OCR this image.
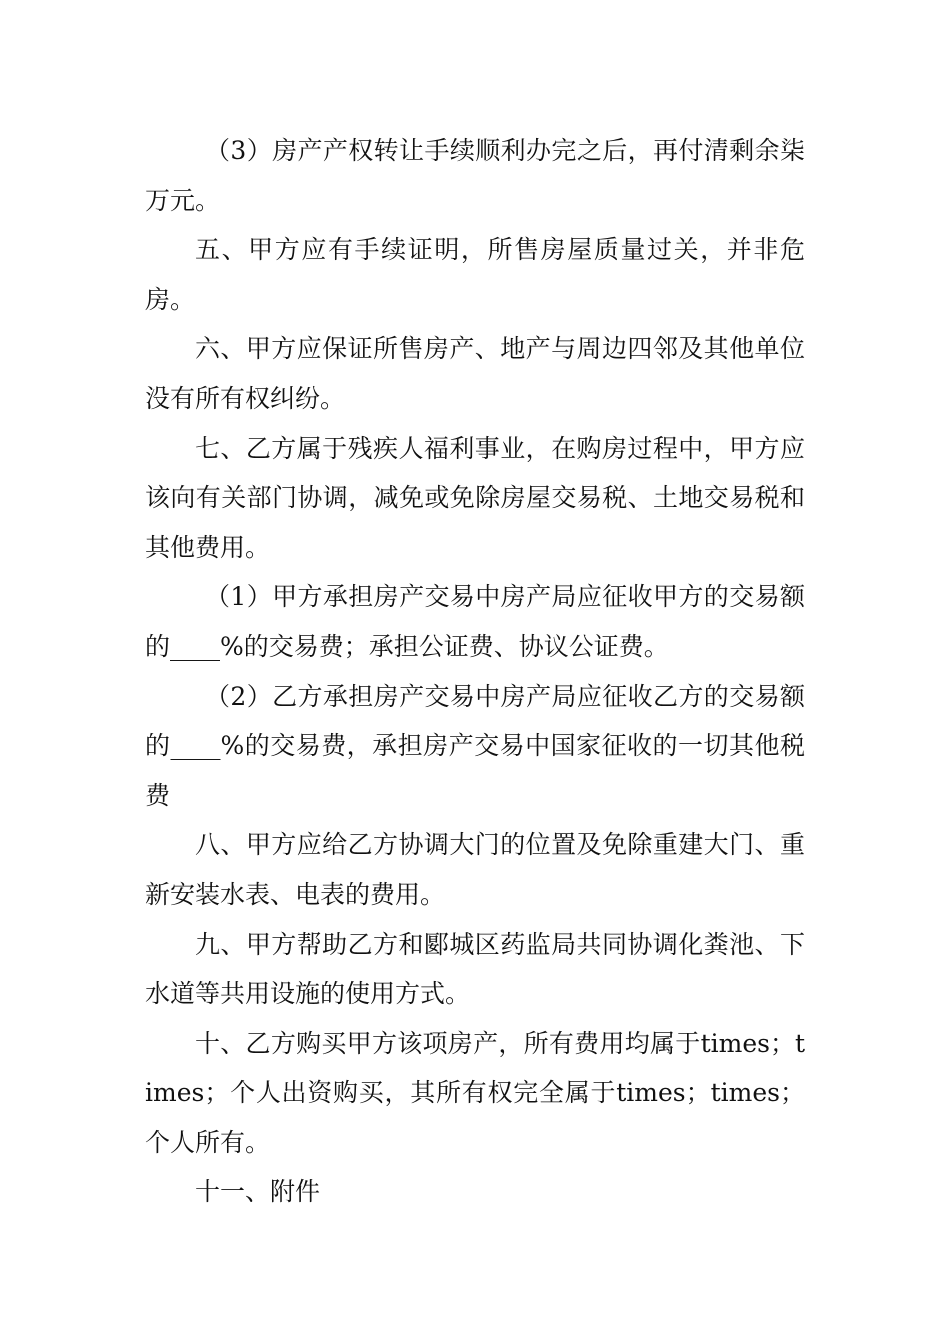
（3）房产产权转让手续顺利办完之后，再付清剩余柒万元。

五、甲方应有手续证明，所售房屋质量过关，并非危房。

六、甲方应保证所售房产、地产与周边四邻及其他单位没有所有权纠纷。

七、乙方属于残疾人福利事业，在购房过程中，甲方应该向有关部门协调，减免或免除房屋交易税、土地交易税和其他费用。

（1）甲方承担房产交易中房产局应征收甲方的交易额的____%的交易费；承担公证费、协议公证费。

（2）乙方承担房产交易中房产局应征收乙方的交易额的____%的交易费，承担房产交易中国家征收的一切其他税费

八、甲方应给乙方协调大门的位置及免除重建大门、重新安装水表、电表的费用。

九、甲方帮助乙方和郾城区药监局共同协调化粪池、下水道等共用设施的使用方式。

十、乙方购买甲方该项房产，所有费用均属于times；times；个人出资购买，其所有权完全属于times；times；个人所有。

十一、附件
